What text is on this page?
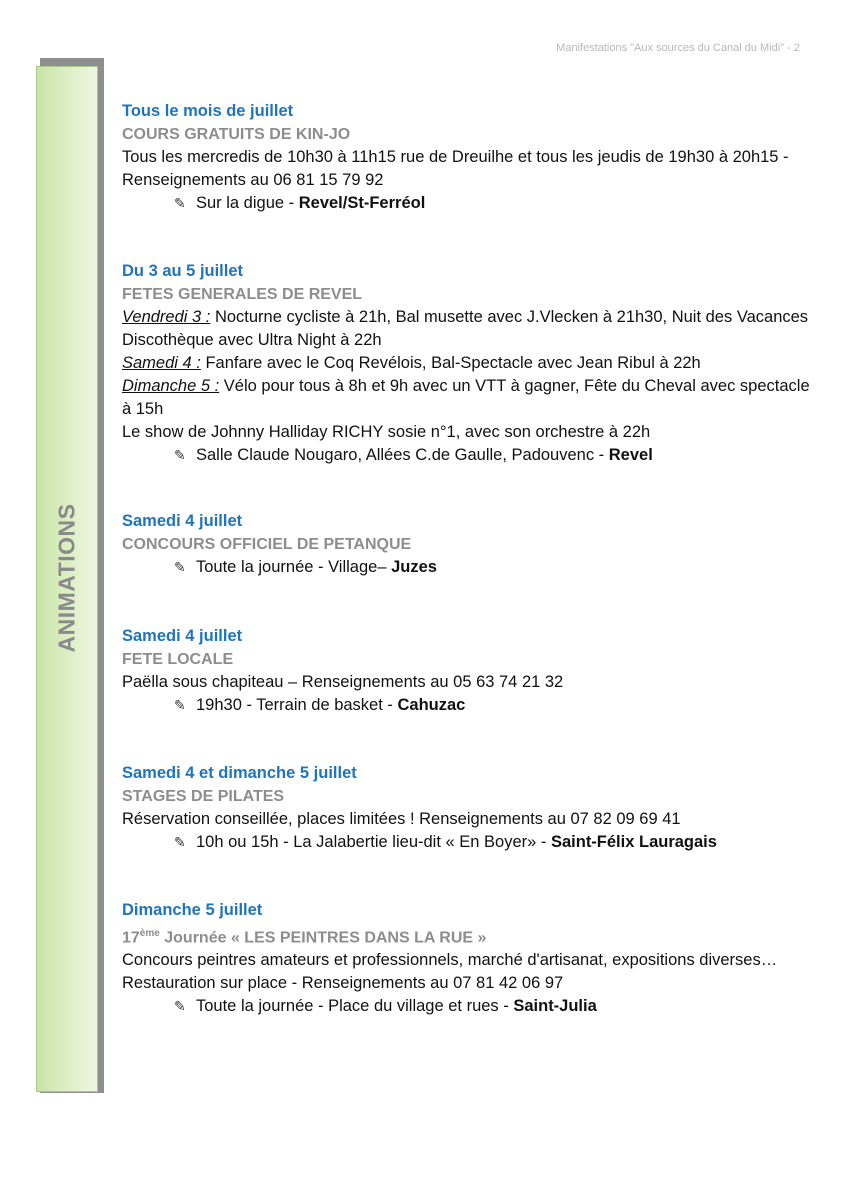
Manifestations "Aux sources du Canal du Midi" - 2
ANIMATIONS
Tous le mois de juillet
COURS GRATUITS DE KIN-JO
Tous les mercredis de 10h30 à 11h15 rue de Dreuilhe et tous les jeudis de 19h30 à 20h15 - Renseignements au 06 81 15 79 92
✎ Sur la digue - Revel/St-Ferréol
Du 3 au 5 juillet
FETES GENERALES DE REVEL
Vendredi 3 : Nocturne cycliste à 21h, Bal musette avec J.Vlecken à 21h30, Nuit des Vacances Discothèque avec Ultra Night à 22h
Samedi 4 : Fanfare avec le Coq Revélois, Bal-Spectacle avec Jean Ribul à 22h
Dimanche 5 : Vélo pour tous à 8h et 9h avec un VTT à gagner, Fête du Cheval avec spectacle à 15h
Le show de Johnny Halliday RICHY sosie n°1, avec son orchestre à 22h
✎ Salle Claude Nougaro, Allées C.de Gaulle, Padouvenc - Revel
Samedi 4 juillet
CONCOURS OFFICIEL DE PETANQUE
✎ Toute la journée - Village– Juzes
Samedi 4 juillet
FETE LOCALE
Paëlla sous chapiteau – Renseignements au 05 63 74 21 32
✎ 19h30 - Terrain de basket - Cahuzac
Samedi 4 et dimanche 5 juillet
STAGES DE PILATES
Réservation conseillée, places limitées ! Renseignements au 07 82 09 69 41
✎ 10h ou 15h - La Jalabertie lieu-dit « En Boyer» - Saint-Félix Lauragais
Dimanche 5 juillet
17ème Journée « LES PEINTRES DANS LA RUE »
Concours peintres amateurs et professionnels, marché d'artisanat, expositions diverses… Restauration sur place - Renseignements au 07 81 42 06 97
✎ Toute la journée - Place du village et rues - Saint-Julia
